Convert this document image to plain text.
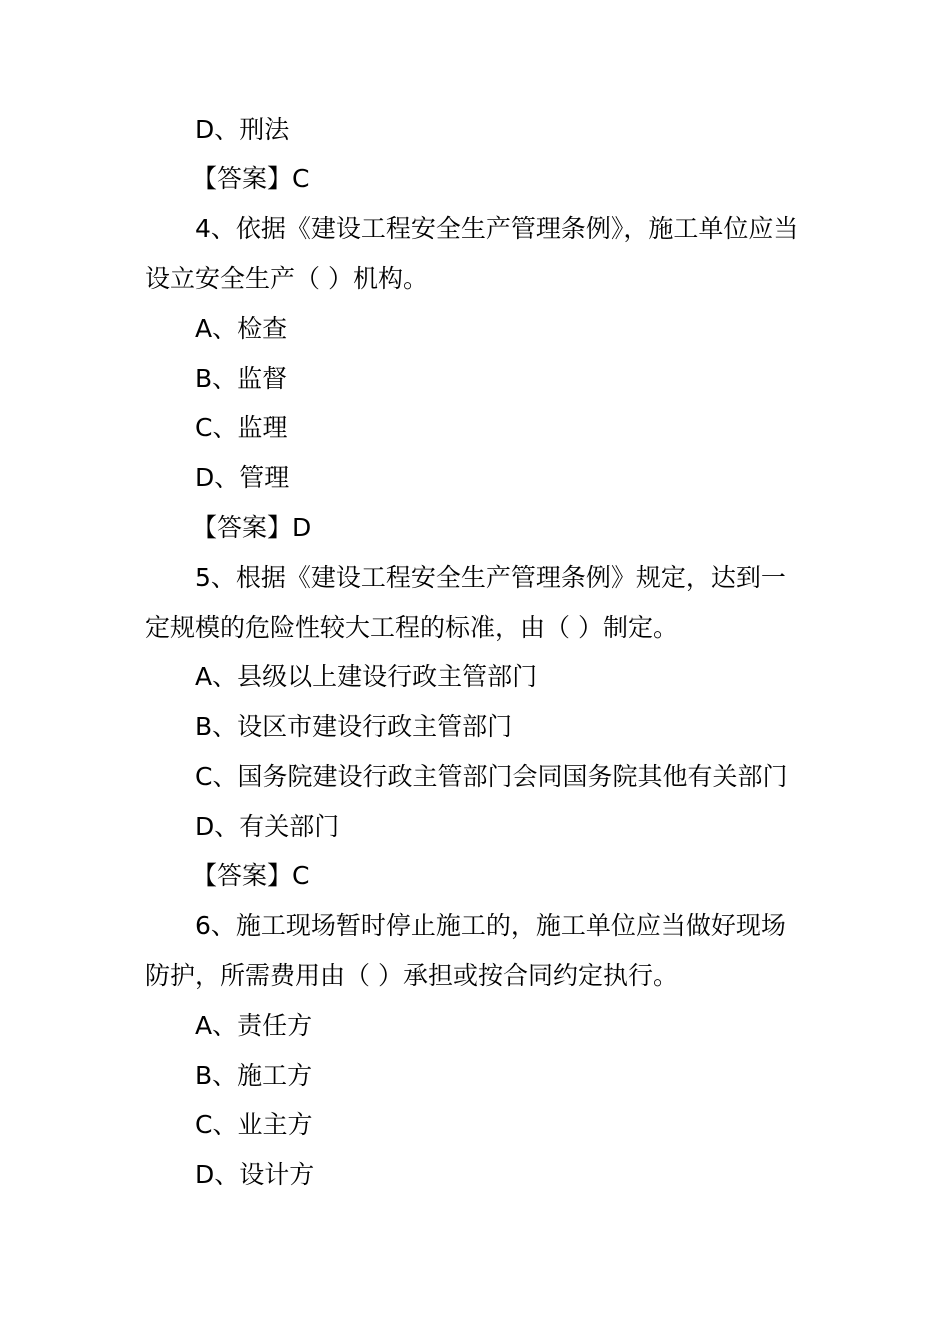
D、刑法
【答案】C
4、依据《建设工程安全生产管理条例》，施工单位应当
设立安全生产（ ）机构。
A、检查
B、监督
C、监理
D、管理
【答案】D
5、根据《建设工程安全生产管理条例》规定，达到一
定规模的危险性较大工程的标准，由（ ）制定。
A、县级以上建设行政主管部门
B、设区市建设行政主管部门
C、国务院建设行政主管部门会同国务院其他有关部门
D、有关部门
【答案】C
6、施工现场暂时停止施工的，施工单位应当做好现场
防护，所需费用由（ ）承担或按合同约定执行。
A、责任方
B、施工方
C、业主方
D、设计方
